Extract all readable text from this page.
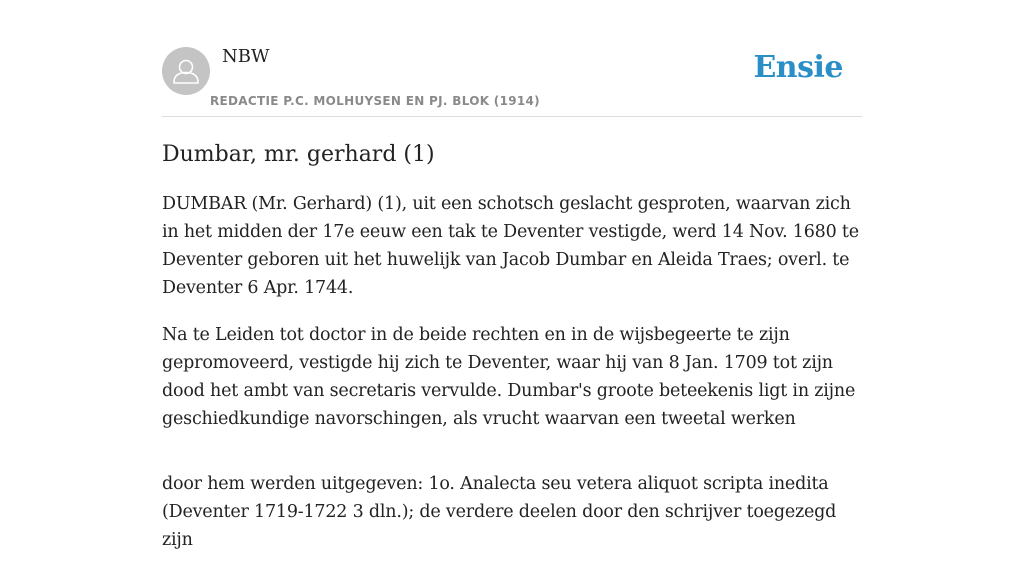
NBW
REDACTIE P.C. MOLHUYSEN EN PJ. BLOK (1914)
Ensie
Dumbar, mr. gerhard (1)

DUMBAR (Mr. Gerhard) (1), uit een schotsch geslacht gesproten, waarvan zich in het midden der 17e eeuw een tak te Deventer vestigde, werd 14 Nov. 1680 te Deventer geboren uit het huwelijk van Jacob Dumbar en Aleida Traes; overl. te Deventer 6 Apr. 1744.

Na te Leiden tot doctor in de beide rechten en in de wijsbegeerte te zijn gepromoveerd, vestigde hij zich te Deventer, waar hij van 8 Jan. 1709 tot zijn dood het ambt van secretaris vervulde. Dumbar's groote beteekenis ligt in zijne geschiedkundige navorschingen, als vrucht waarvan een tweetal werken

door hem werden uitgegeven: 1o. Analecta seu vetera aliquot scripta inedita (Deventer 1719-1722 3 dln.); de verdere deelen door den schrijver toegezegd zijn
